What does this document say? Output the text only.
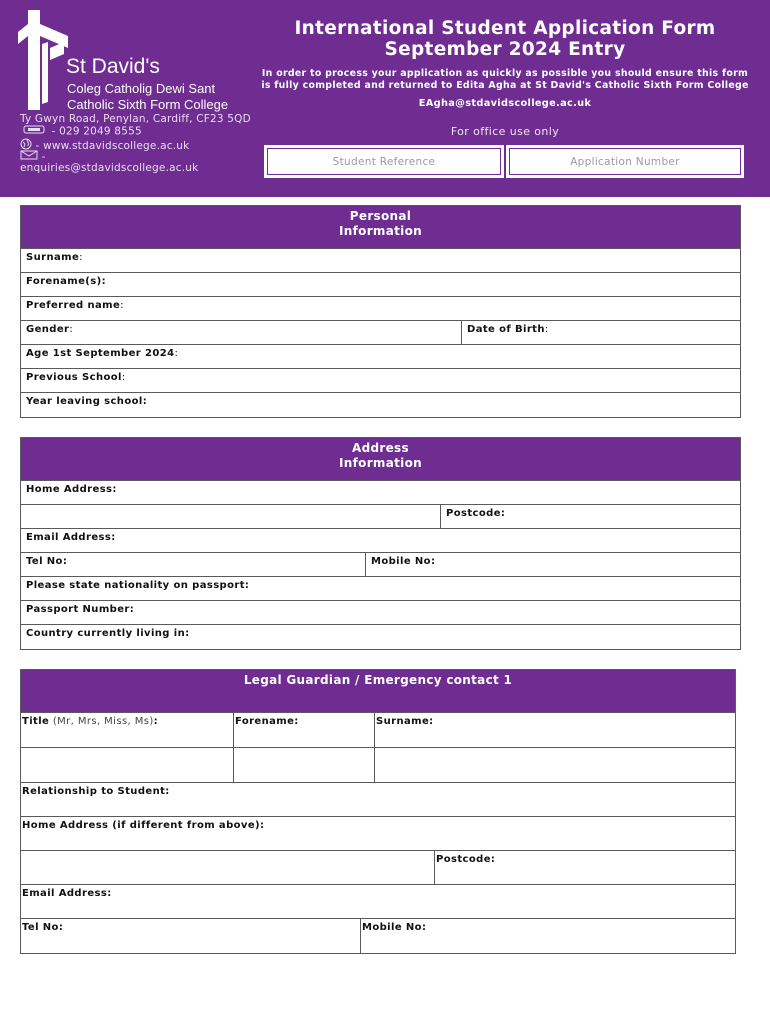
St David's
Coleg Catholig Dewi Sant
Catholic Sixth Form College
Ty Gwyn Road, Penylan, Cardiff, CF23 5QD
- 029 2049 8555
- www.stdavidscollege.ac.uk
-
enquiries@stdavidscollege.ac.uk
International Student Application Form
September 2024 Entry
In order to process your application as quickly as possible you should ensure this form
is fully completed and returned to Edita Agha at St David's Catholic Sixth Form College
EAgha@stdavidscollege.ac.uk
For office use only
Student Reference	Application Number
Personal
Information
Surname:
Forename(s):
Preferred name:
Gender:	Date of Birth:
Age 1st September 2024:
Previous School:
Year leaving school:
Address
Information
Home Address:
Postcode:
Email Address:
Tel No:	Mobile No:
Please state nationality on passport:
Passport Number:
Country currently living in:
Legal Guardian / Emergency contact 1
Title (Mr, Mrs, Miss, Ms):	Forename:	Surname:
Relationship to Student:
Home Address (if different from above):
Postcode:
Email Address:
Tel No:	Mobile No:
